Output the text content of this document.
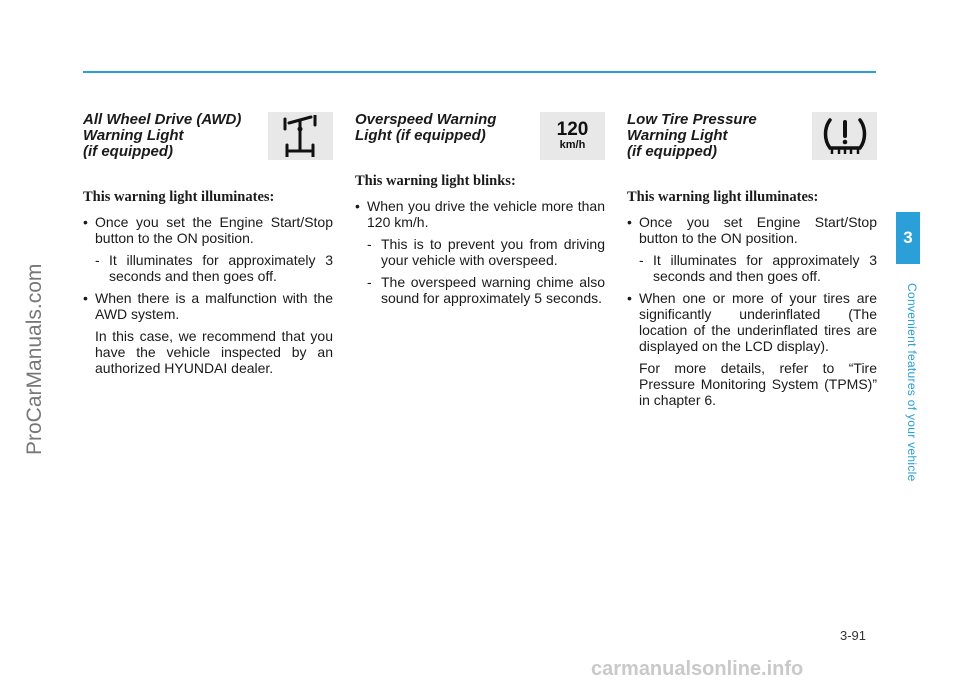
All Wheel Drive (AWD)
Warning Light
(if equipped)

This warning light illuminates:

• Once you set the Engine Start/Stop button to the ON position.

- It illuminates for approximately 3 seconds and then goes off.

• When there is a malfunction with the AWD system.

In this case, we recommend that you have the vehicle inspected by an authorized HYUNDAI dealer.

Overspeed Warning
Light (if equipped)	120
km/h

This warning light blinks:

• When you drive the vehicle more than 120 km/h.

- This is to prevent you from driving your vehicle with overspeed.

- The overspeed warning chime also sound for approximately 5 seconds.

Low Tire Pressure
Warning Light
(if equipped)

This warning light illuminates:

• Once you set Engine Start/Stop button to the ON position.

- It illuminates for approximately 3 seconds and then goes off.

• When one or more of your tires are significantly underinflated (The location of the underinflated tires are displayed on the LCD display).

For more details, refer to “Tire Pressure Monitoring System (TPMS)” in chapter 6.

3
Convenient features of your vehicle
3-91
ProCarManuals.com
carmanualsonline.info
